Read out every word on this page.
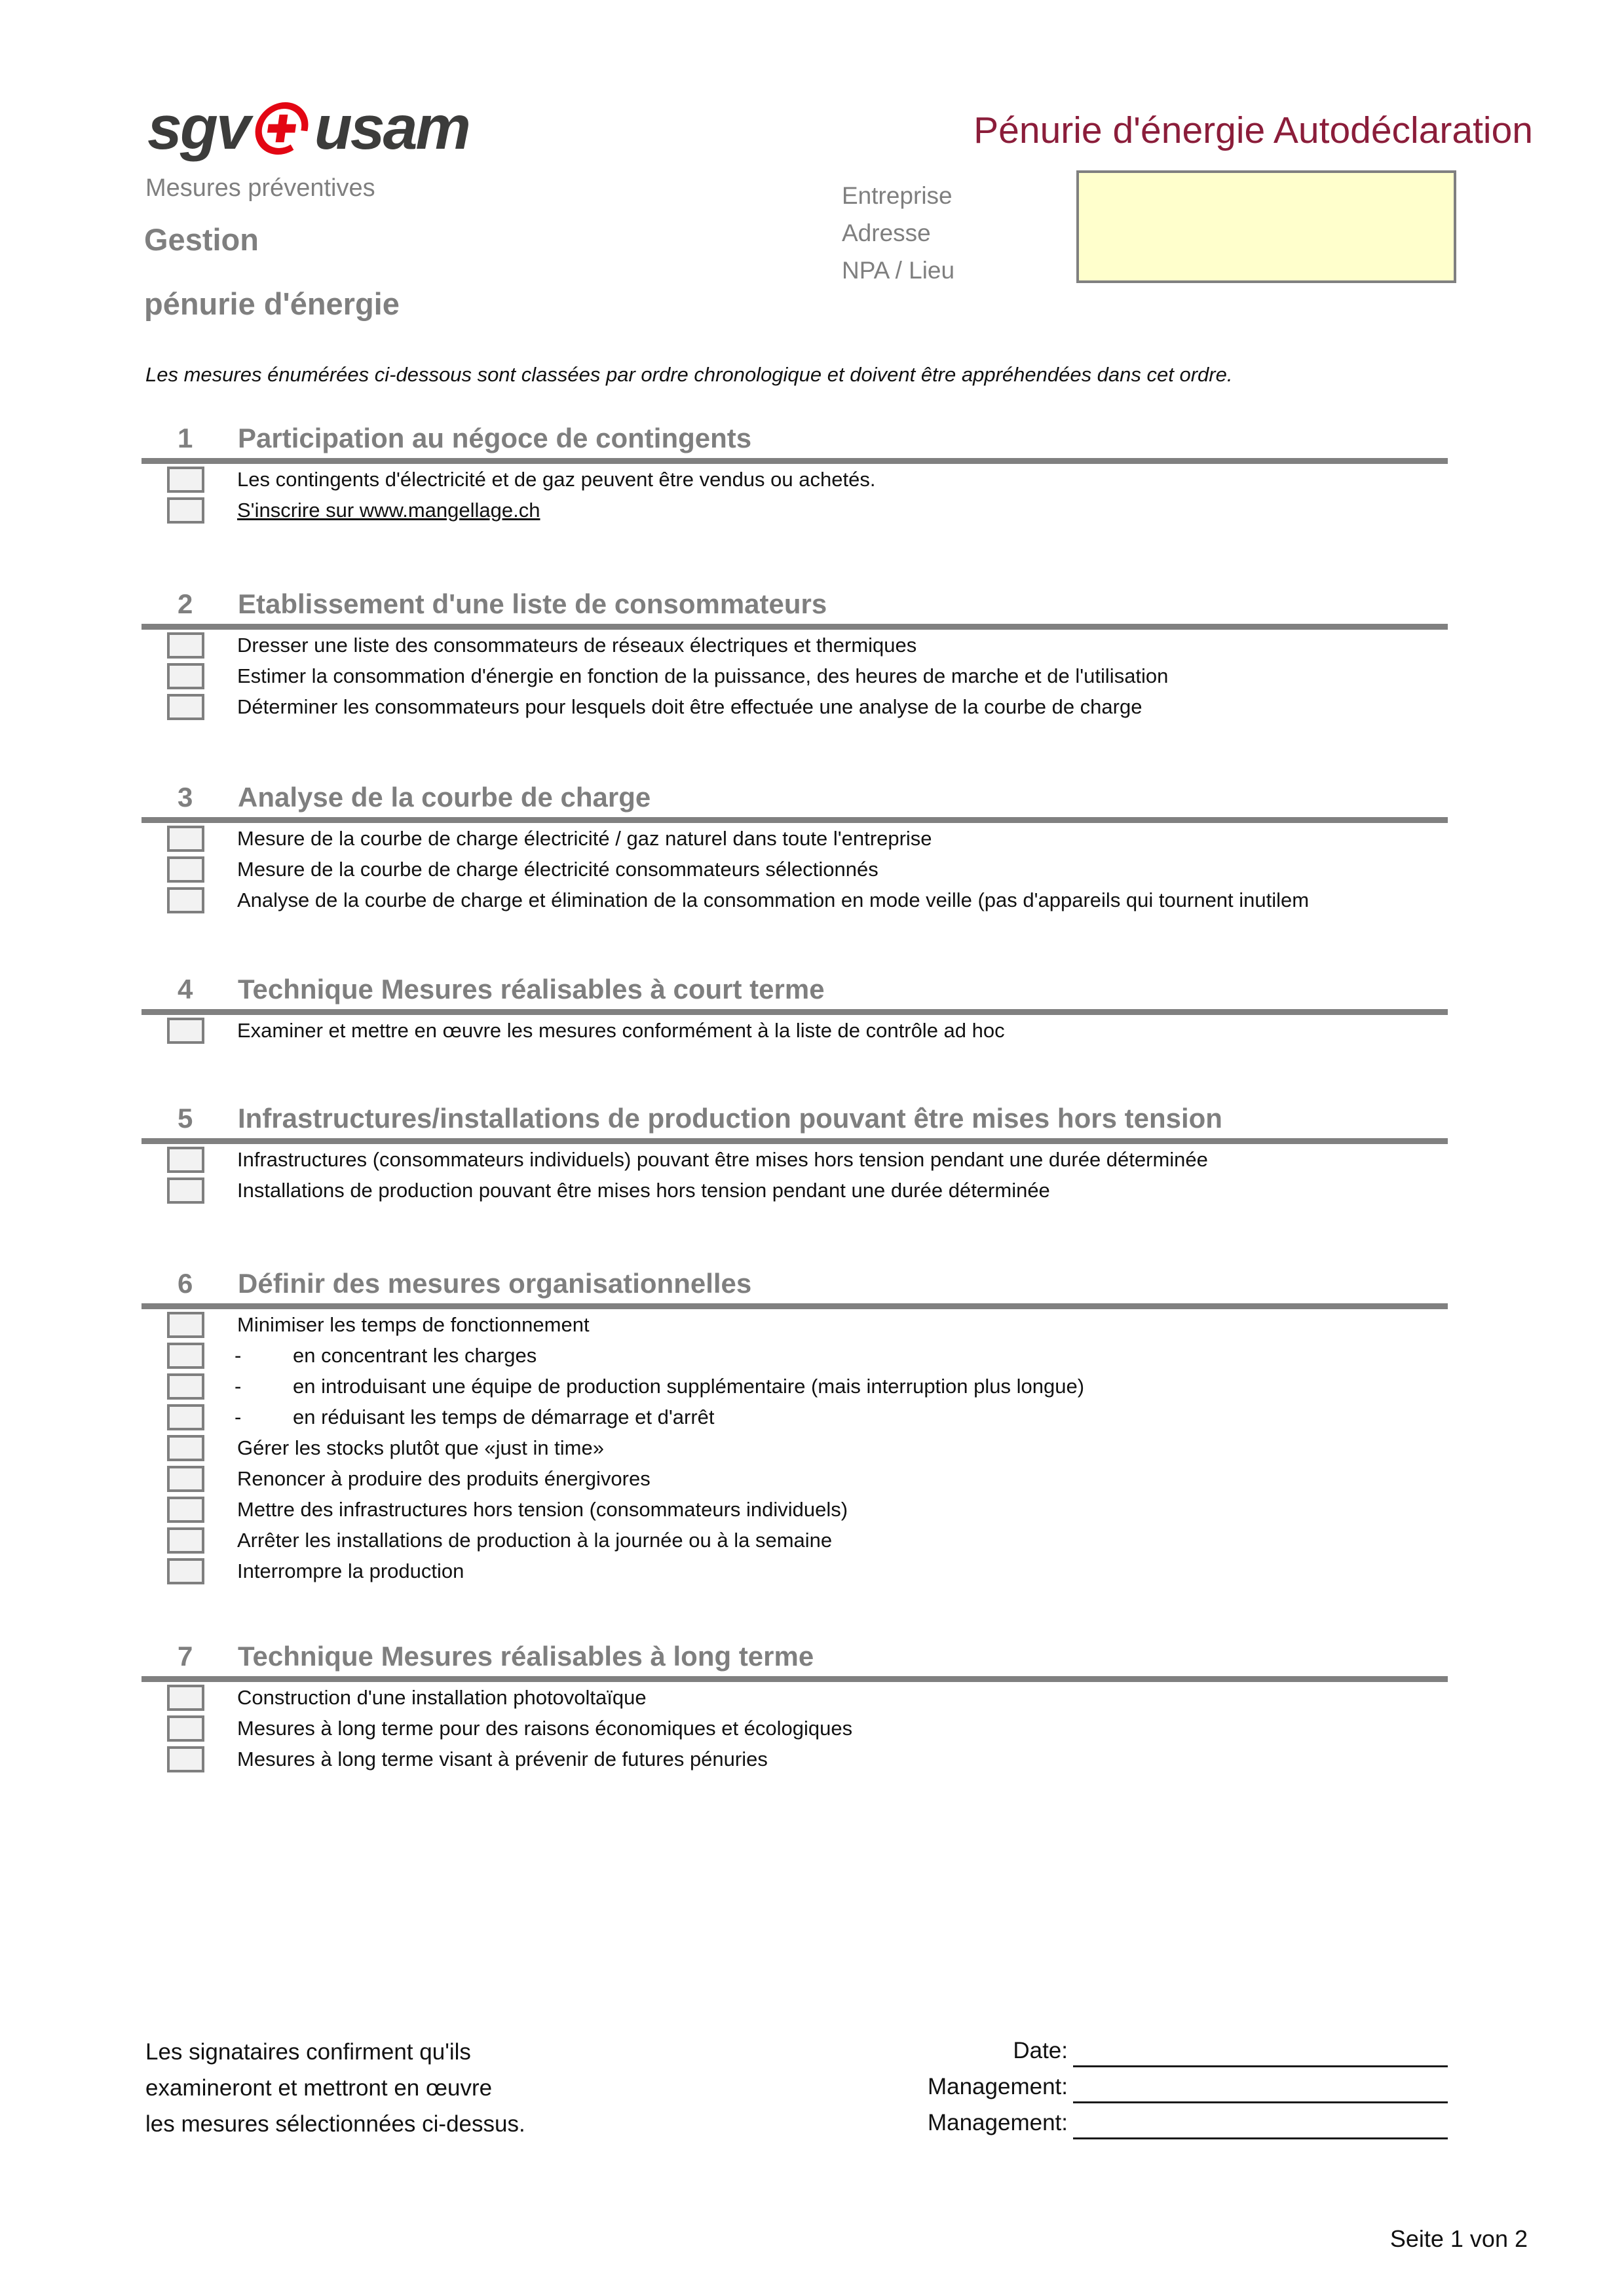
sgv usam
Mesures préventives
Gestion
pénurie d'énergie
Pénurie d'énergie Autodéclaration
Entreprise
Adresse
NPA / Lieu
Les mesures énumérées ci-dessous sont classées par ordre chronologique et doivent être appréhendées dans cet ordre.
1 Participation au négoce de contingents
Les contingents d'électricité et de gaz peuvent être vendus ou achetés.
S'inscrire sur www.mangellage.ch
2 Etablissement d'une liste de consommateurs
Dresser une liste des consommateurs de réseaux électriques et thermiques
Estimer la consommation d'énergie en fonction de la puissance, des heures de marche et de l'utilisation
Déterminer les consommateurs pour lesquels doit être effectuée une analyse de la courbe de charge
3 Analyse de la courbe de charge
Mesure de la courbe de charge électricité / gaz naturel dans toute l'entreprise
Mesure de la courbe de charge électricité consommateurs sélectionnés
Analyse de la courbe de charge et élimination de la consommation en mode veille (pas d'appareils qui tournent inutilem
4 Technique Mesures réalisables à court terme
Examiner et mettre en œuvre les mesures conformément à la liste de contrôle ad hoc
5 Infrastructures/installations de production pouvant être mises hors tension
Infrastructures (consommateurs individuels) pouvant être mises hors tension pendant une durée déterminée
Installations de production pouvant être mises hors tension pendant une durée déterminée
6 Définir des mesures organisationnelles
Minimiser les temps de fonctionnement
-	en concentrant les charges
-	en introduisant une équipe de production supplémentaire (mais interruption plus longue)
-	en réduisant les temps de démarrage et d'arrêt
Gérer les stocks plutôt que «just in time»
Renoncer à produire des produits énergivores
Mettre des infrastructures hors tension (consommateurs individuels)
Arrêter les installations de production à la journée ou à la semaine
Interrompre la production
7 Technique Mesures réalisables à long terme
Construction d'une installation photovoltaïque
Mesures à long terme pour des raisons économiques et écologiques
Mesures à long terme visant à prévenir de futures pénuries
Les signataires confirment qu'ils
examineront et mettront en œuvre
les mesures sélectionnées ci-dessus.
Date:
Management:
Management:
Seite 1 von 2
